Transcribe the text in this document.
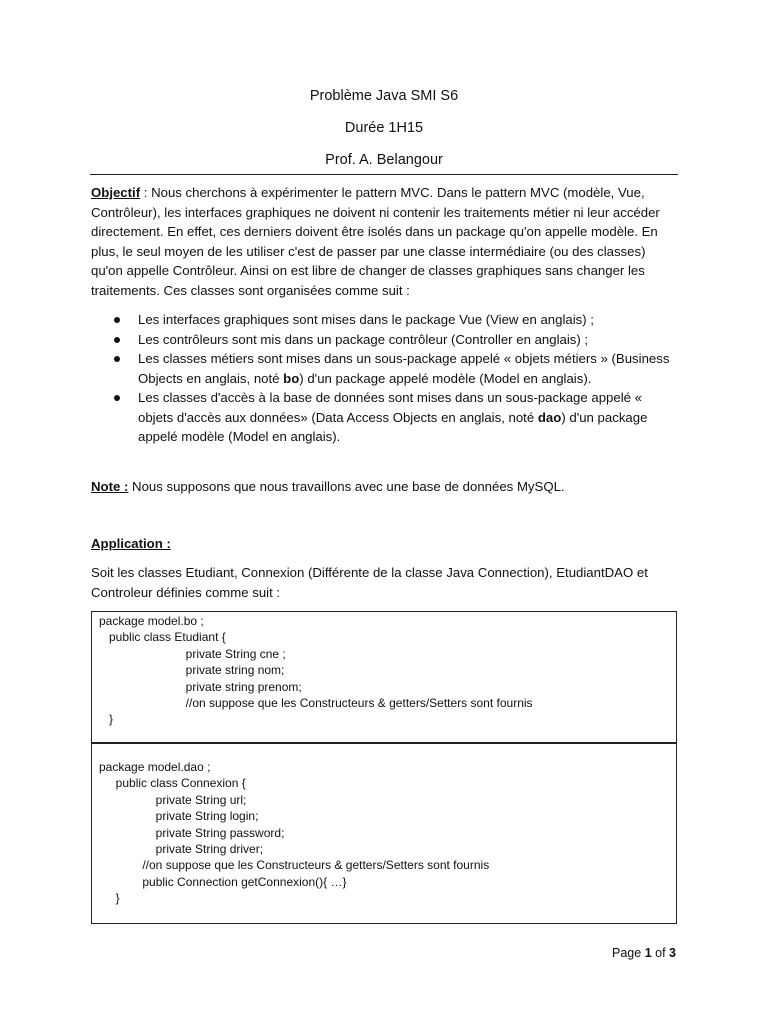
Problème Java SMI S6
Durée 1H15
Prof. A. Belangour
Objectif : Nous cherchons à expérimenter le pattern MVC. Dans le pattern MVC (modèle, Vue, Contrôleur), les interfaces graphiques ne doivent ni contenir les traitements métier ni leur accéder directement. En effet, ces derniers doivent être isolés dans un package qu'on appelle modèle. En plus, le seul moyen de les utiliser c'est de passer par une classe intermédiaire (ou des classes) qu'on appelle Contrôleur. Ainsi on est libre de changer de classes graphiques sans changer les traitements. Ces classes sont organisées comme suit :
Les interfaces graphiques sont mises dans le package Vue (View en anglais) ;
Les contrôleurs sont mis dans un package contrôleur (Controller en anglais) ;
Les classes métiers sont mises dans un sous-package appelé « objets métiers » (Business Objects en anglais, noté bo) d'un package appelé modèle (Model en anglais).
Les classes d'accès à la base de données sont mises dans un sous-package appelé « objets d'accès aux données» (Data Access Objects en anglais, noté dao) d'un package appelé modèle (Model en anglais).
Note : Nous supposons que nous travaillons avec une base de données MySQL.
Application :
Soit les classes Etudiant, Connexion (Différente de la classe Java Connection), EtudiantDAO et Controleur définies comme suit :
package model.bo ;
public class Etudiant {
private String cne ;
private string nom;
private string prenom;
//on suppose que les Constructeurs & getters/Setters sont fournis
}
package model.dao ;
public class Connexion {
private String url;
private String login;
private String password;
private String driver;
//on suppose que les Constructeurs & getters/Setters sont fournis
public Connection getConnexion(){ …}
}
Page 1 of 3
